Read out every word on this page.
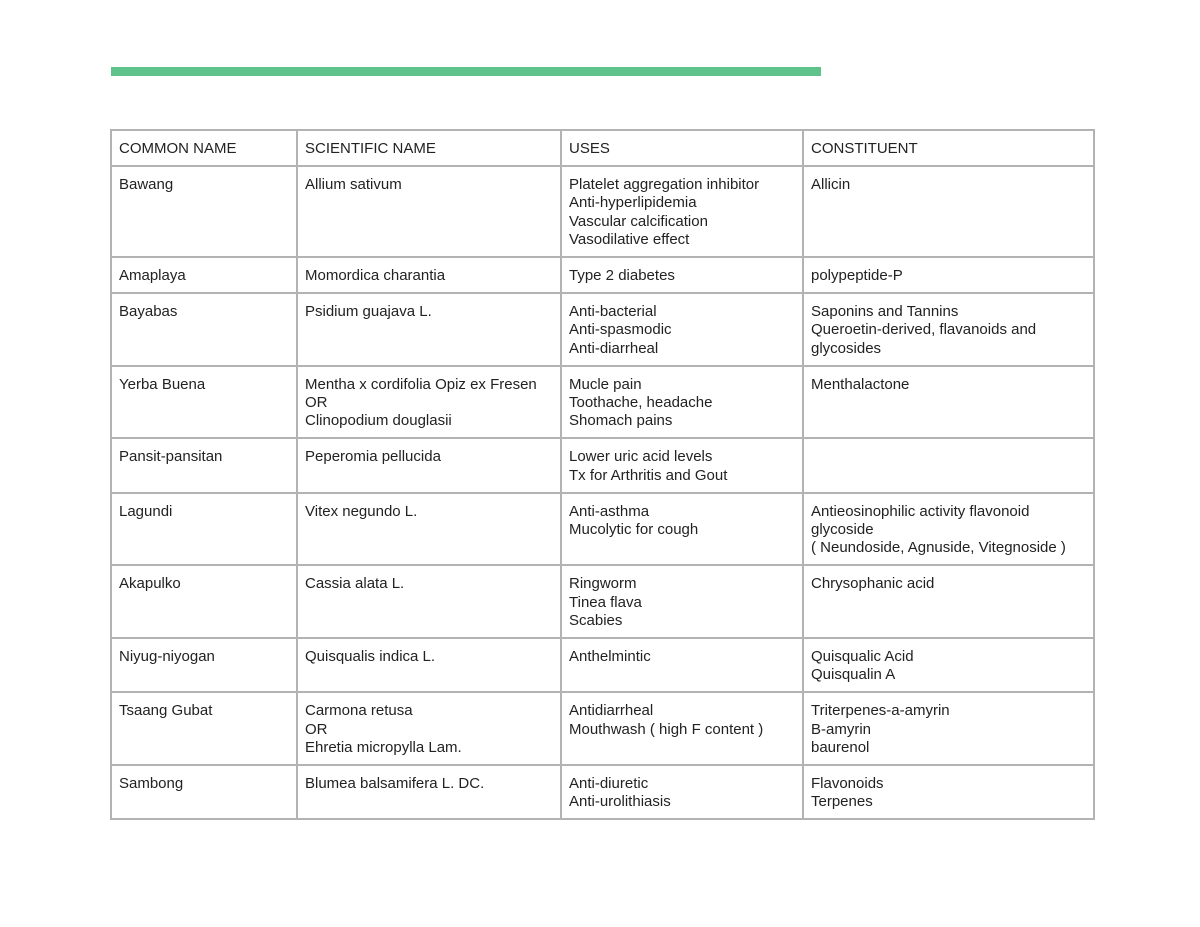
COMMON NAME	SCIENTIFIC NAME	USES	CONSTITUENT

Bawang	Allium sativum	Platelet aggregation inhibitor
Anti-hyperlipidemia
Vascular calcification
Vasodilative effect	Allicin

Amaplaya	Momordica charantia	Type 2 diabetes	polypeptide-P

Bayabas	Psidium guajava L.	Anti-bacterial
Anti-spasmodic
Anti-diarrheal	Saponins and Tannins
Queroetin-derived, flavanoids and
glycosides

Yerba Buena	Mentha x cordifolia Opiz ex Fresen
OR
Clinopodium douglasii	Mucle pain
Toothache, headache
Shomach pains	Menthalactone

Pansit-pansitan	Peperomia pellucida	Lower uric acid levels
Tx for Arthritis and Gout	

Lagundi	Vitex negundo L.	Anti-asthma
Mucolytic for cough	Antieosinophilic activity flavonoid
glycoside
( Neundoside, Agnuside, Vitegnoside )

Akapulko	Cassia alata L.	Ringworm
Tinea flava
Scabies	Chrysophanic acid

Niyug-niyogan	Quisqualis indica L.	Anthelmintic	Quisqualic Acid
Quisqualin A

Tsaang Gubat	Carmona retusa
OR
Ehretia micropylla Lam.	Antidiarrheal
Mouthwash ( high F content )	Triterpenes-a-amyrin
B-amyrin
baurenol

Sambong	Blumea balsamifera L. DC.	Anti-diuretic
Anti-urolithiasis	Flavonoids
Terpenes
